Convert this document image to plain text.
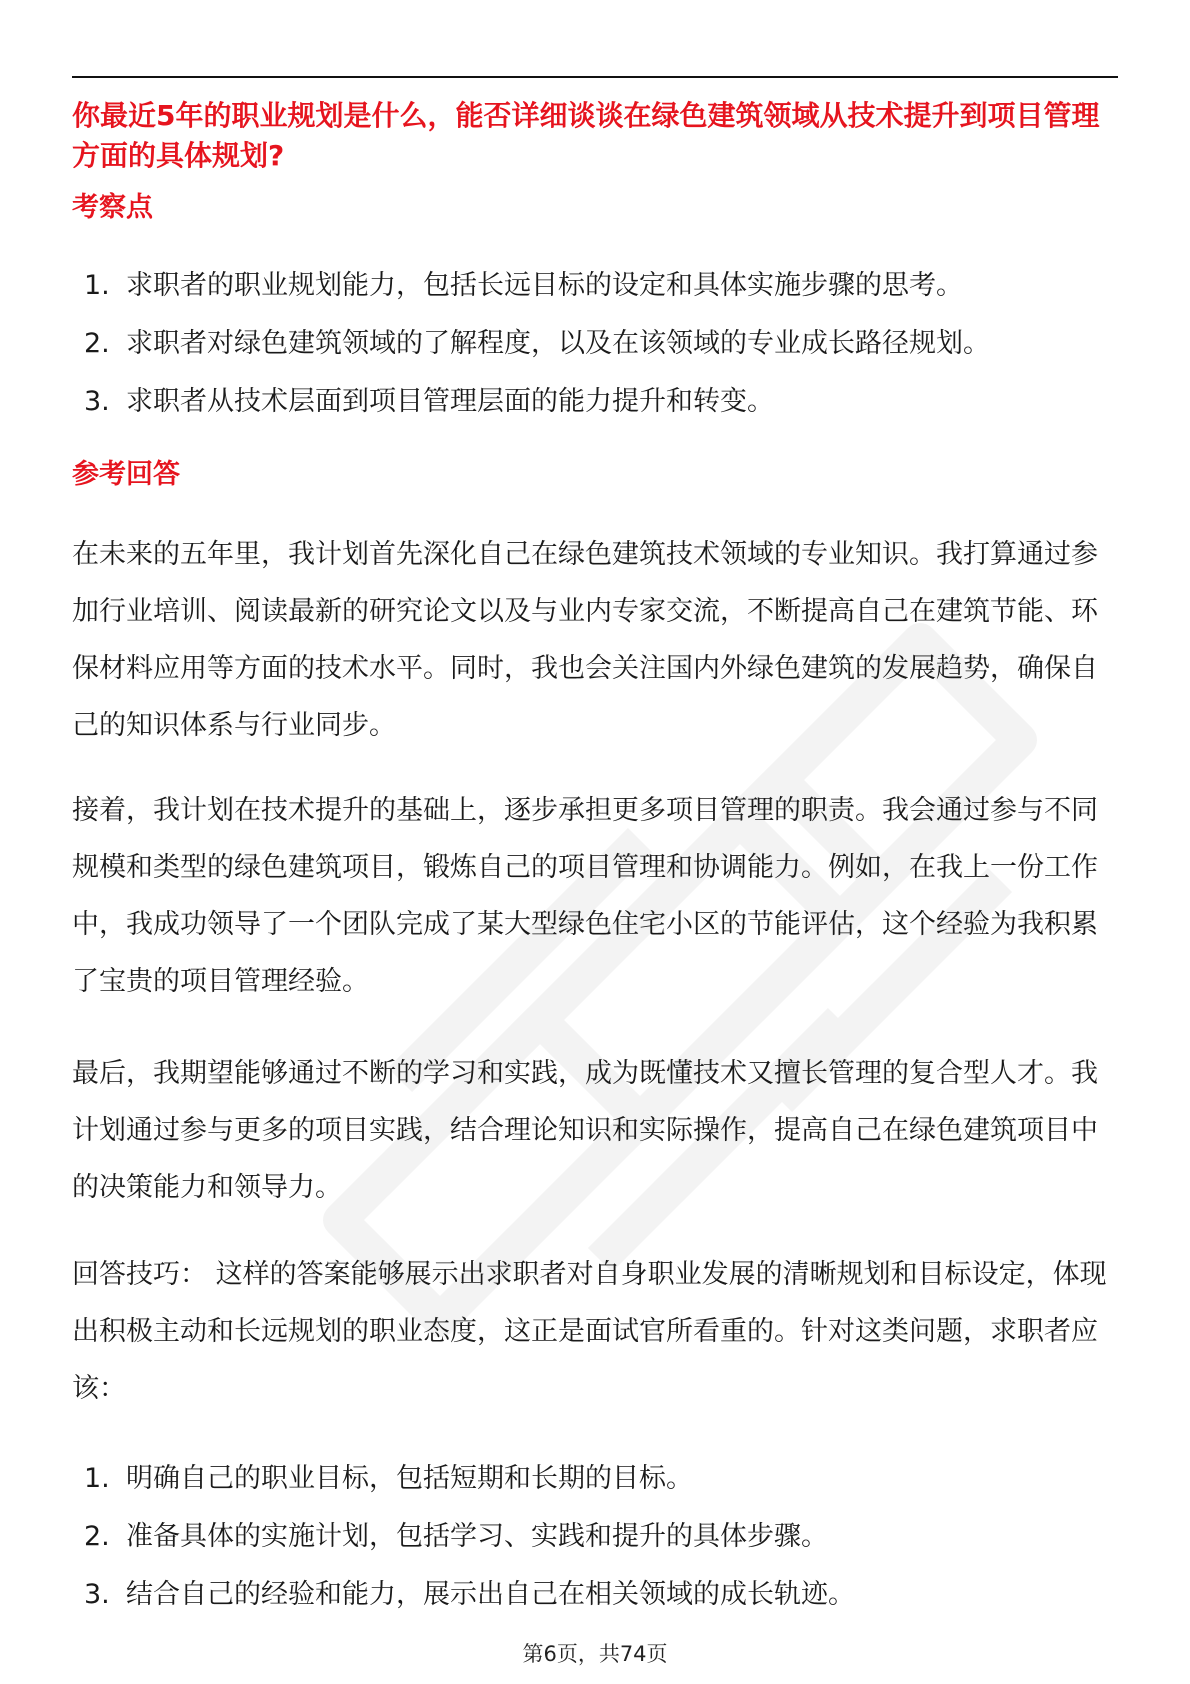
你最近5年的职业规划是什么，能否详细谈谈在绿色建筑领域从技术提升到项目管理方面的具体规划?
考察点
1. 求职者的职业规划能力，包括长远目标的设定和具体实施步骤的思考。
2. 求职者对绿色建筑领域的了解程度，以及在该领域的专业成长路径规划。
3. 求职者从技术层面到项目管理层面的能力提升和转变。
参考回答

在未来的五年里，我计划首先深化自己在绿色建筑技术领域的专业知识。我打算通过参加行业培训、阅读最新的研究论文以及与业内专家交流，不断提高自己在建筑节能、环保材料应用等方面的技术水平。同时，我也会关注国内外绿色建筑的发展趋势，确保自己的知识体系与行业同步。

接着，我计划在技术提升的基础上，逐步承担更多项目管理的职责。我会通过参与不同规模和类型的绿色建筑项目，锻炼自己的项目管理和协调能力。例如，在我上一份工作中，我成功领导了一个团队完成了某大型绿色住宅小区的节能评估，这个经验为我积累了宝贵的项目管理经验。

最后，我期望能够通过不断的学习和实践，成为既懂技术又擅长管理的复合型人才。我计划通过参与更多的项目实践，结合理论知识和实际操作，提高自己在绿色建筑项目中的决策能力和领导力。

回答技巧： 这样的答案能够展示出求职者对自身职业发展的清晰规划和目标设定，体现出积极主动和长远规划的职业态度，这正是面试官所看重的。针对这类问题，求职者应该：

1. 明确自己的职业目标，包括短期和长期的目标。
2. 准备具体的实施计划，包括学习、实践和提升的具体步骤。
3. 结合自己的经验和能力，展示出自己在相关领域的成长轨迹。
第6页，共74页
